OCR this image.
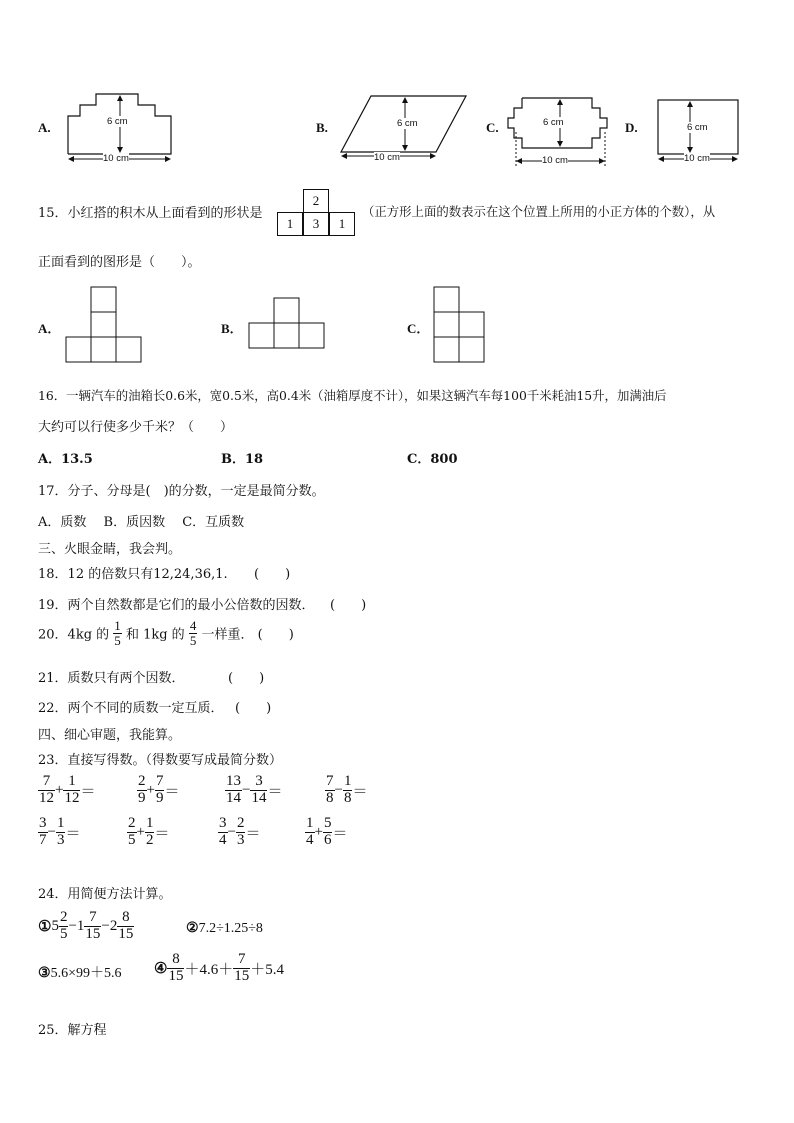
A.	6 cm
10 cm
B.	6 cm
10 cm
C.	6 cm
10 cm
D.	6 cm
10 cm
15．小红搭的积木从上面看到的形状是
2
1	3	1
（正方形上面的数表示在这个位置上所用的小正方体的个数），从
正面看到的图形是（　　）。
A．	B．	C．
16．一辆汽车的油箱长0.6米，宽0.5米，高0.4米（油箱厚度不计），如果这辆汽车每100千米耗油15升，加满油后
大约可以行使多少千米？（　　）
A．13.5	B．18	C．800
17．分子、分母是(　)的分数，一定是最简分数。
A．质数　 B．质因数　 C．互质数
三、火眼金睛，我会判。
18．12 的倍数只有12,24,36,1. (　　)
19．两个自然数都是它们的最小公倍数的因数． (　　)
20．4kg 的 $\frac{1}{5}$ 和 1kg 的 $\frac{4}{5}$ 一样重． (　　)
21．质数只有两个因数．	(　　)
22．两个不同的质数一定互质． (　　)
四、细心审题，我能算。
23．直接写得数。（得数要写成最简分数）
$\frac{7}{12} + \frac{1}{12}$ ＝	$\frac{2}{9} + \frac{7}{9}$ ＝	$\frac{13}{14} - \frac{3}{14}$ ＝	$\frac{7}{8} - \frac{1}{8}$ ＝
$\frac{3}{7} - \frac{1}{3}$ ＝	$\frac{2}{5} + \frac{1}{2}$ ＝	$\frac{3}{4} - \frac{2}{3}$ ＝	$\frac{1}{4} + \frac{5}{6}$ ＝
24．用简便方法计算。
①5 $\frac{2}{5} -1 \frac{7}{15} -2 \frac{8}{15}$	②7.2÷1.25÷8
③5.6×99＋5.6 ④ $\frac{8}{15} +4.6+ \frac{7}{15} +5.4$
25．解方程
